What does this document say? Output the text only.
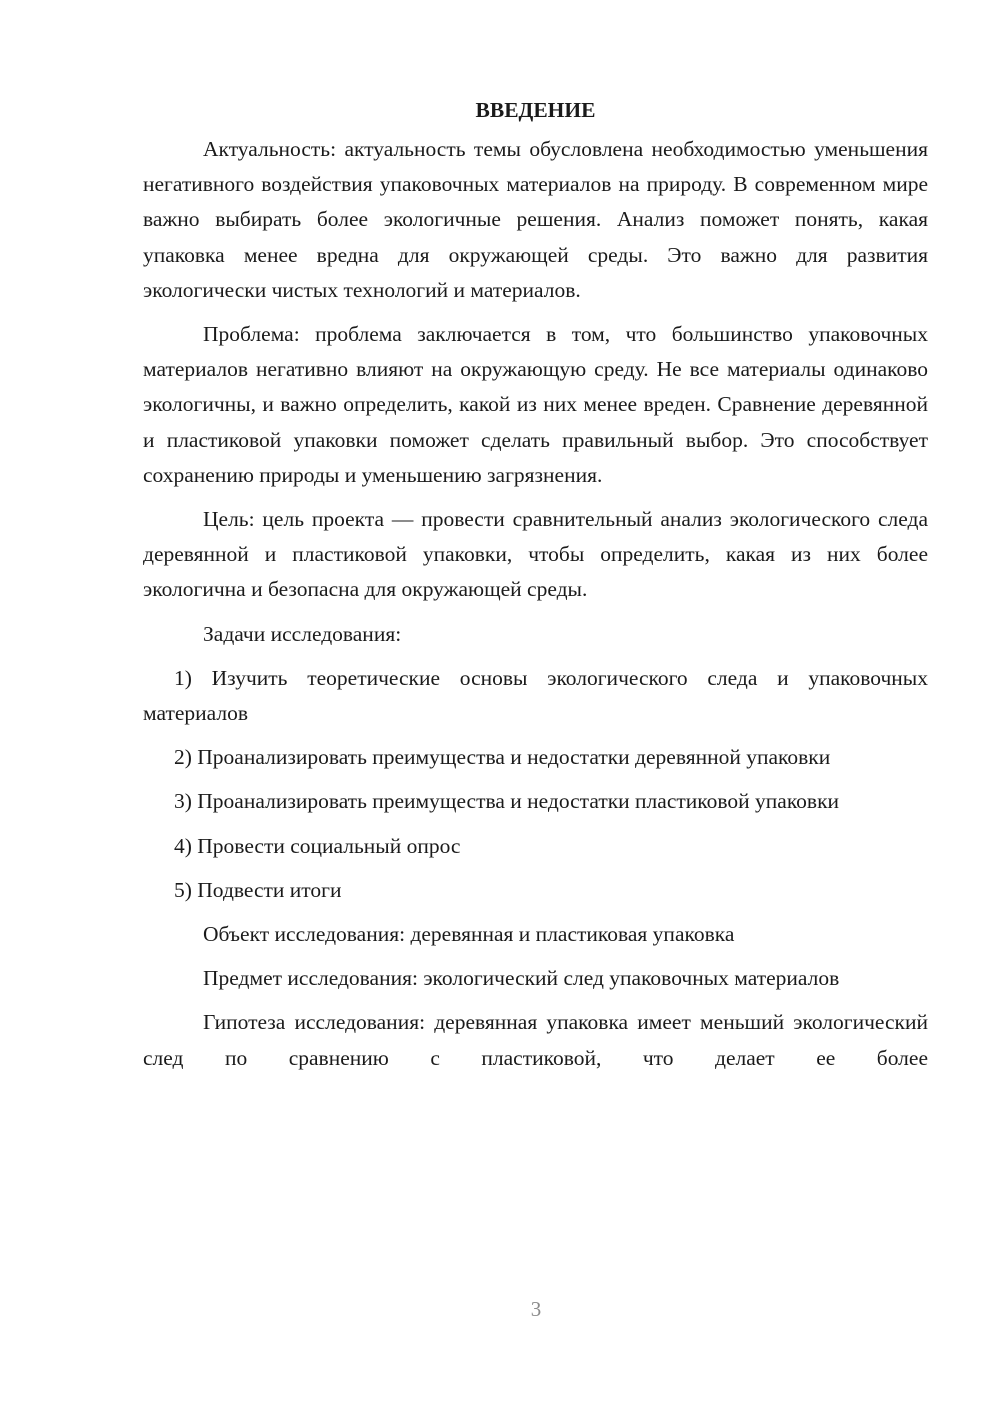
ВВЕДЕНИЕ

Актуальность: актуальность темы обусловлена необходимостью уменьшения негативного воздействия упаковочных материалов на природу. В современном мире важно выбирать более экологичные решения. Анализ поможет понять, какая упаковка менее вредна для окружающей среды. Это важно для развития экологически чистых технологий и материалов.

Проблема: проблема заключается в том, что большинство упаковочных материалов негативно влияют на окружающую среду. Не все материалы одинаково экологичны, и важно определить, какой из них менее вреден. Сравнение деревянной и пластиковой упаковки поможет сделать правильный выбор. Это способствует сохранению природы и уменьшению загрязнения.

Цель: цель проекта — провести сравнительный анализ экологического следа деревянной и пластиковой упаковки, чтобы определить, какая из них более экологична и безопасна для окружающей среды.

Задачи исследования:

1) Изучить теоретические основы экологического следа и упаковочных материалов

2) Проанализировать преимущества и недостатки деревянной упаковки

3) Проанализировать преимущества и недостатки пластиковой упаковки

4) Провести социальный опрос

5) Подвести итоги

Объект исследования: деревянная и пластиковая упаковка

Предмет исследования: экологический след упаковочных материалов

Гипотеза исследования: деревянная упаковка имеет меньший экологический след по сравнению с пластиковой, что делает ее более

3
